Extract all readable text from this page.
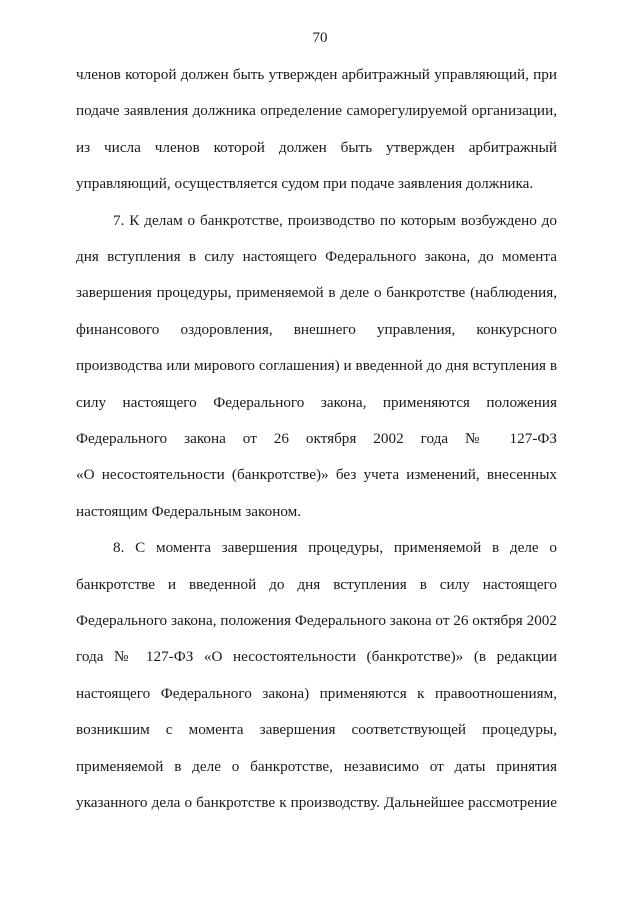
70
членов которой должен быть утвержден арбитражный управляющий, при
подаче заявления должника определение саморегулируемой организации,
из числа членов которой должен быть утвержден арбитражный
управляющий, осуществляется судом при подаче заявления должника.
7. К делам о банкротстве, производство по которым возбуждено до
дня вступления в силу настоящего Федерального закона, до момента
завершения процедуры, применяемой в деле о банкротстве (наблюдения,
финансового оздоровления, внешнего управления, конкурсного
производства или мирового соглашения) и введенной до дня вступления в
силу настоящего Федерального закона, применяются положения
Федерального закона от 26 октября 2002 года № 127-ФЗ
«О несостоятельности (банкротстве)» без учета изменений, внесенных
настоящим Федеральным законом.
8. С момента завершения процедуры, применяемой в деле о
банкротстве и введенной до дня вступления в силу настоящего
Федерального закона, положения Федерального закона от 26 октября 2002
года № 127-ФЗ «О несостоятельности (банкротстве)» (в редакции
настоящего Федерального закона) применяются к правоотношениям,
возникшим с момента завершения соответствующей процедуры,
применяемой в деле о банкротстве, независимо от даты принятия
указанного дела о банкротстве к производству. Дальнейшее рассмотрение
